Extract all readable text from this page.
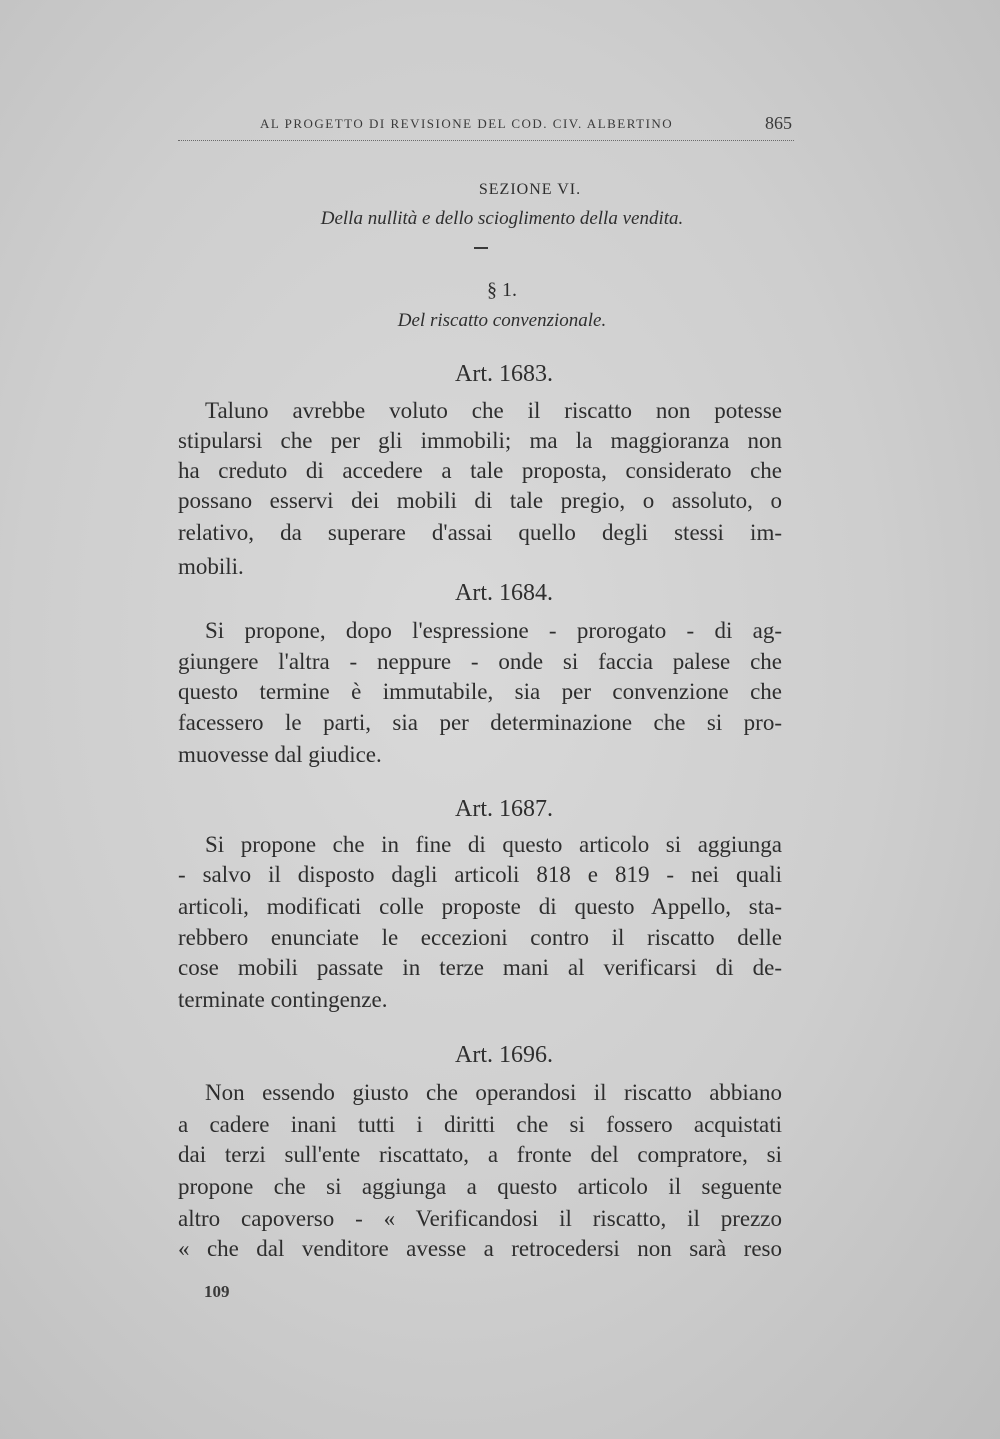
AL PROGETTO DI REVISIONE DEL COD. CIV. ALBERTINO	865
SEZIONE VI.
Della nullità e dello scioglimento della vendita.
§ 1.
Del riscatto convenzionale.
Art. 1683.
Taluno avrebbe voluto che il riscatto non potesse
stipularsi che per gli immobili; ma la maggioranza non
ha creduto di accedere a tale proposta, considerato che
possano esservi dei mobili di tale pregio, o assoluto, o
relativo, da superare d'assai quello degli stessi im-
mobili.
Art. 1684.
Si propone, dopo l'espressione - prorogato - di ag-
giungere l'altra - neppure - onde si faccia palese che
questo termine è immutabile, sia per convenzione che
facessero le parti, sia per determinazione che si pro-
muovesse dal giudice.
Art. 1687.
Si propone che in fine di questo articolo si aggiunga
- salvo il disposto dagli articoli 818 e 819 - nei quali
articoli, modificati colle proposte di questo Appello, sta-
rebbero enunciate le eccezioni contro il riscatto delle
cose mobili passate in terze mani al verificarsi di de-
terminate contingenze.
Art. 1696.
Non essendo giusto che operandosi il riscatto abbiano
a cadere inani tutti i diritti che si fossero acquistati
dai terzi sull'ente riscattato, a fronte del compratore, si
propone che si aggiunga a questo articolo il seguente
altro capoverso - « Verificandosi il riscatto, il prezzo
« che dal venditore avesse a retrocedersi non sarà reso
109
